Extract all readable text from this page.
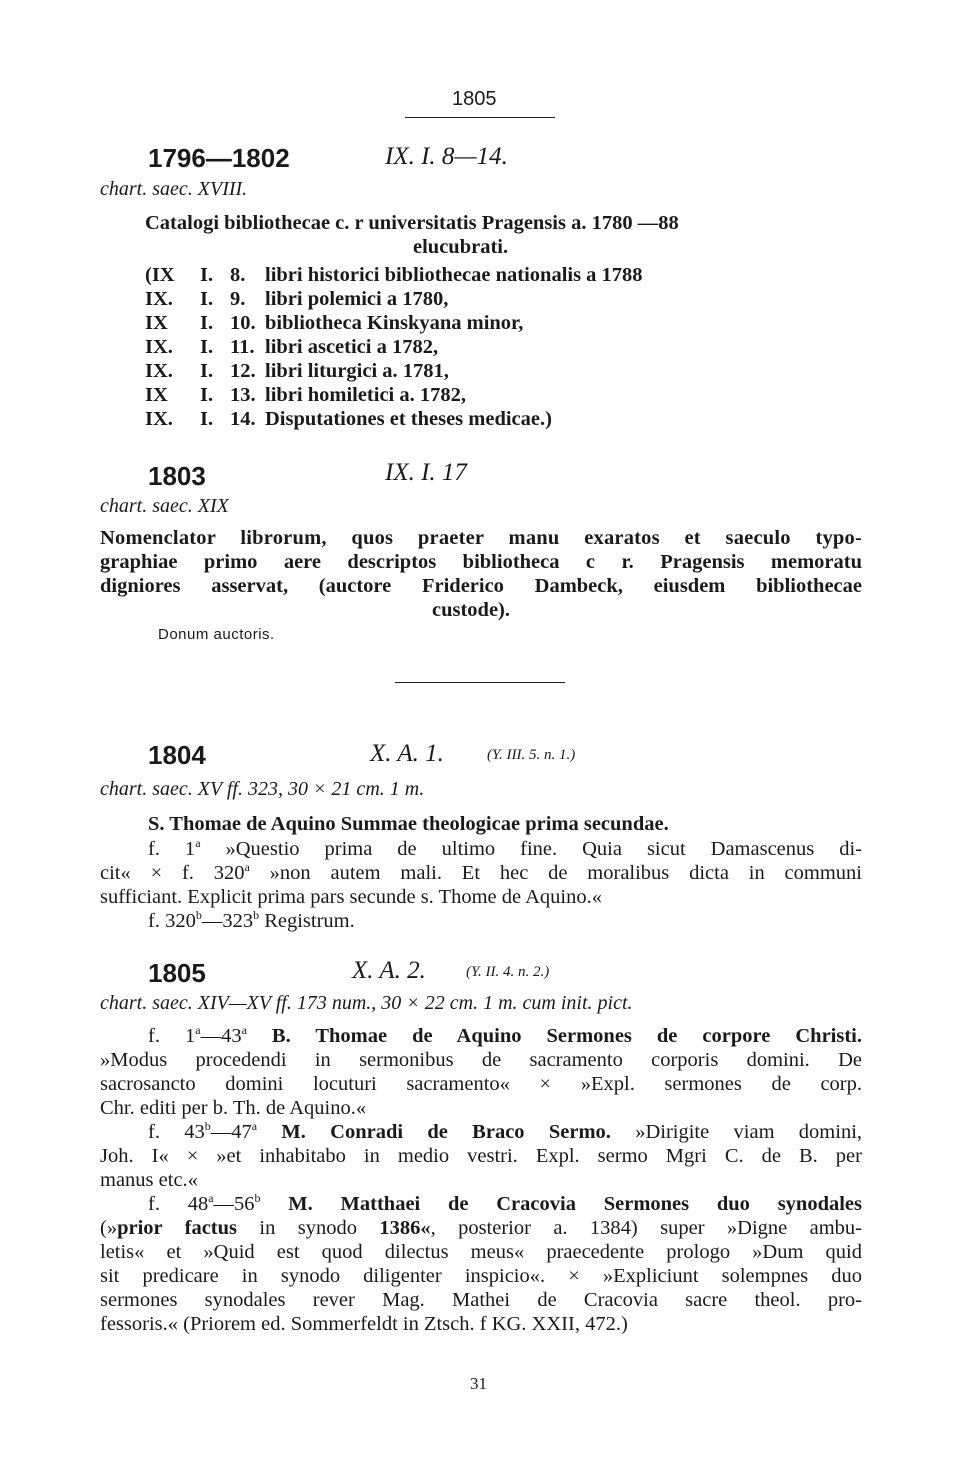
1805
1796—1802	IX. I. 8—14.
chart. saec. XVIII.
Catalogi bibliothecae c. r universitatis Pragensis a. 1780 —88
elucubrati.
(IX I. 8. libri historici bibliothecae nationalis a 1788
IX. I. 9. libri polemici a 1780,
IX I. 10. bibliotheca Kinskyana minor,
IX. I. 11. libri ascetici a 1782,
IX. I. 12. libri liturgici a. 1781,
IX I. 13. libri homiletici a. 1782,
IX. I. 14. Disputationes et theses medicae.)
1803	IX. I. 17
chart. saec. XIX
Nomenclator librorum, quos praeter manu exaratos et saeculo typo-
graphiae primo aere descriptos bibliotheca c r. Pragensis memoratu
digniores asservat, (auctore Friderico Dambeck, eiusdem bibliothecae
custode).
Donum auctoris.
1804	X. A. 1.	(Y. III. 5. n. 1.)
chart. saec. XV ff. 323, 30 × 21 cm. 1 m.
S. Thomae de Aquino Summae theologicae prima secundae.
f. 1$^a$ »Questio prima de ultimo fine. Quia sicut Damascenus di-
cit« × f. 320$^a$ »non autem mali. Et hec de moralibus dicta in communi
sufficiant. Explicit prima pars secunde s. Thome de Aquino.«
f. 320$^b$—323$^b$ Registrum.
1805	X. A. 2.	(Y. II. 4. n. 2.)
chart. saec. XIV—XV ff. 173 num., 30 × 22 cm. 1 m. cum init. pict.
f. 1$^a$—43$^a$ B. Thomae de Aquino Sermones de corpore Christi.
»Modus procedendi in sermonibus de sacramento corporis domini. De
sacrosancto domini locuturi sacramento« × »Expl. sermones de corp.
Chr. editi per b. Th. de Aquino.«
f. 43$^b$—47$^a$ M. Conradi de Braco Sermo. »Dirigite viam domini,
Joh. I« × »et inhabitabo in medio vestri. Expl. sermo Mgri C. de B. per
manus etc.«
f. 48$^a$—56$^b$ M. Matthaei de Cracovia Sermones duo synodales
(»prior factus in synodo 1386«, posterior a. 1384) super »Digne ambu-
letis« et »Quid est quod dilectus meus« praecedente prologo »Dum quid
sit predicare in synodo diligenter inspicio«. × »Expliciunt solempnes duo
sermones synodales rever Mag. Mathei de Cracovia sacre theol. pro-
fessoris.« (Priorem ed. Sommerfeldt in Ztsch. f KG. XXII, 472.)
31
